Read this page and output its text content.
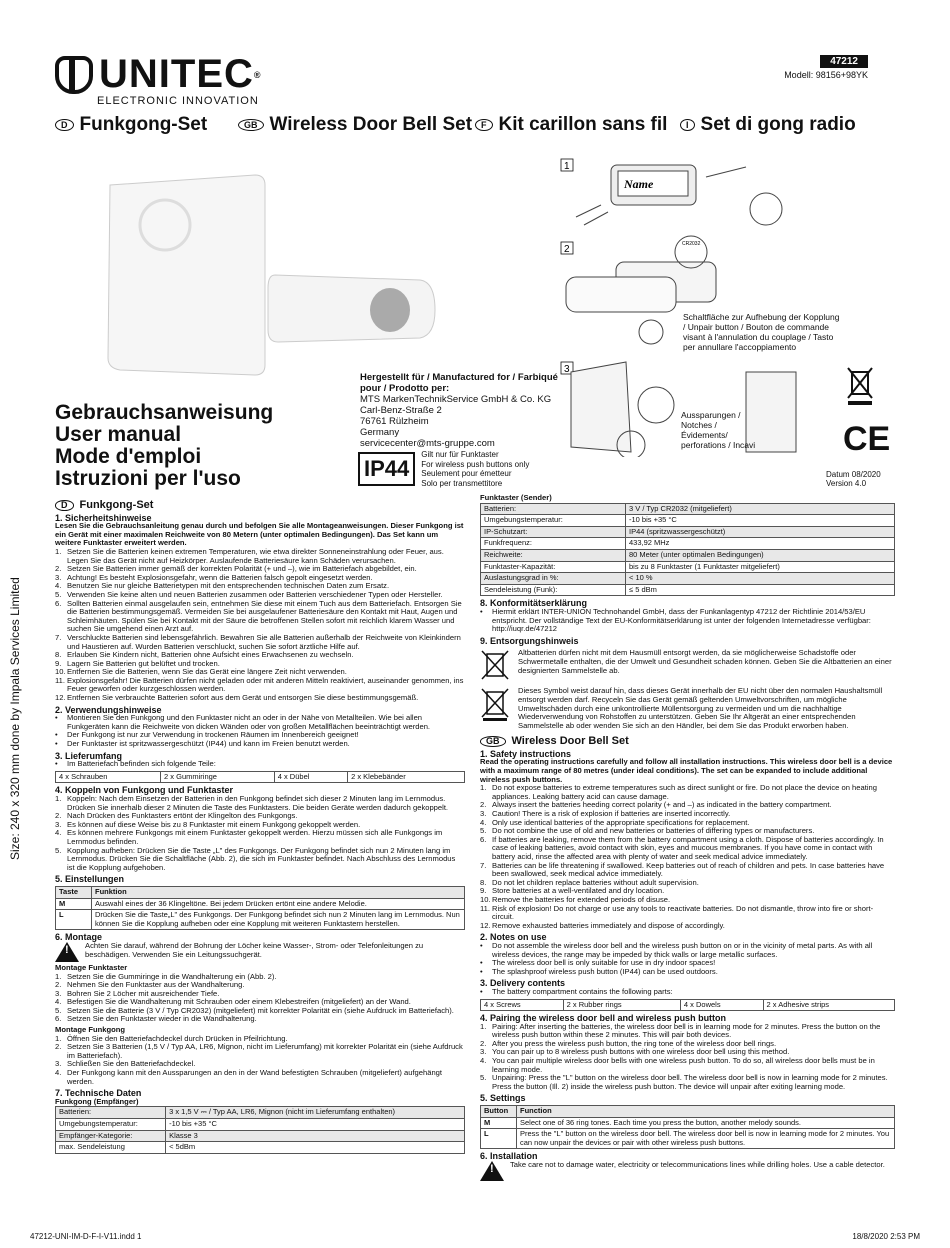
UNITEC ®
ELECTRONIC INNOVATION
47212
Modell: 98156+98YK
D Funkgong-Set	GB Wireless Door Bell Set F Kit carillon sans fil	I Set di gong radio
Hergestellt für / Manufactured for / Farbiqué pour / Prodotto per:
MTS MarkenTechnikService GmbH & Co. KG
Carl-Benz-Straße 2
76761 Rülzheim
Germany
servicecenter@mts-gruppe.com
IP44
Gilt nur für Funktaster
For wireless push buttons only
Seulement pour émetteur
Solo per transmettitore
Gebrauchsanweisung
User manual
Mode d'emploi
Istruzioni per l'uso
1
Name
2	CR2032
3
Schaltfläche zur Aufhebung der Kopplung / Unpair button / Bouton de commande visant à l'annulation du couplage / Tasto per annullare l'accoppiamento
Aussparungen / Notches / Évidements/ perforations / Incavi	CE
Datum 08/2020
Version 4.0
Size: 240 x 320 mm done by Impala Services Limited
D	Funkgong-Set
1. Sicherheitshinweise

Lesen Sie die Gebrauchsanleitung genau durch und befolgen Sie alle Montageanweisungen. Dieser Funkgong ist ein Gerät mit einer maximalen Reichweite von 80 Metern (unter optimalen Bedingungen). Das Set kann um weitere Funktaster erweitert werden.

1. Setzen Sie die Batterien keinen extremen Temperaturen, wie etwa direkter Sonneneinstrahlung oder Feuer, aus. Legen Sie das Gerät nicht auf Heizkörper. Auslaufende Batteriesäure kann Schäden verursachen.
2. Setzen Sie Batterien immer gemäß der korrekten Polarität (+ und –), wie im Batteriefach abgebildet, ein.
3. Achtung! Es besteht Explosionsgefahr, wenn die Batterien falsch gepolt eingesetzt werden.
4. Benutzen Sie nur gleiche Batterietypen mit den entsprechenden technischen Daten zum Ersatz.
5. Verwenden Sie keine alten und neuen Batterien zusammen oder Batterien verschiedener Typen oder Hersteller.
6. Sollten Batterien einmal ausgelaufen sein, entnehmen Sie diese mit einem Tuch aus dem Batteriefach. Entsorgen Sie die Batterien bestimmungsgemäß. Vermeiden Sie bei ausgelaufener Batteriesäure den Kontakt mit Haut, Augen und Schleimhäuten. Spülen Sie bei Kontakt mit der Säure die betroffenen Stellen sofort mit reichlich klarem Wasser und suchen Sie umgehend einen Arzt auf.
7. Verschluckte Batterien sind lebensgefährlich. Bewahren Sie alle Batterien außerhalb der Reichweite von Kleinkindern und Haustieren auf. Wurden Batterien verschluckt, suchen Sie sofort ärztliche Hilfe auf.
8. Erlauben Sie Kindern nicht, Batterien ohne Aufsicht eines Erwachsenen zu wechseln.
9. Lagern Sie Batterien gut belüftet und trocken.
10. Entfernen Sie die Batterien, wenn Sie das Gerät eine längere Zeit nicht verwenden.
11. Explosionsgefahr! Die Batterien dürfen nicht geladen oder mit anderen Mitteln reaktiviert, auseinander genommen, ins Feuer geworfen oder kurzgeschlossen werden.
12. Entfernen Sie verbrauchte Batterien sofort aus dem Gerät und entsorgen Sie diese bestimmungsgemäß.
2. Verwendungshinweise
• Montieren Sie den Funkgong und den Funktaster nicht an oder in der Nähe von Metallteilen. Wie bei allen Funkgeräten kann die Reichweite von dicken Wänden oder von großen Metallflächen beeinträchtigt werden.
• Der Funkgong ist nur zur Verwendung in trockenen Räumen im Innenbereich geeignet!
• Der Funktaster ist spritzwassergeschützt (IP44) und kann im Freien benutzt werden.
3. Lieferumfang
• Im Batteriefach befinden sich folgende Teile:
4 x Schrauben	2 x Gummiringe	4 x Dübel	2 x Klebebänder
4. Koppeln von Funkgong und Funktaster
1. Koppeln: Nach dem Einsetzen der Batterien in den Funkgong befindet sich dieser 2 Minuten lang im Lernmodus. Drücken Sie innerhalb dieser 2 Minuten die Taste des Funktasters. Die beiden Geräte werden dadurch gekoppelt.
2. Nach Drücken des Funktasters ertönt der Klingelton des Funkgongs.
3. Es können auf diese Weise bis zu 8 Funktaster mit einem Funkgong gekoppelt werden.
4. Es können mehrere Funkgongs mit einem Funktaster gekoppelt werden. Hierzu müssen sich alle Funkgongs im Lernmodus befinden.
5. Kopplung aufheben: Drücken Sie die Taste „L" des Funkgongs. Der Funkgong befindet sich nun 2 Minuten lang im Lernmodus. Drücken Sie die Schaltfläche (Abb. 2), die sich im Funktaster befindet. Nach Abschluss des Lernmodus ist die Kopplung aufgehoben.
5. Einstellungen
Taste	Funktion
M	Auswahl eines der 36 Klingeltöne. Bei jedem Drücken ertönt eine andere Melodie.
L	Drücken Sie die Taste„L" des Funkgongs. Der Funkgong befindet sich nun 2 Minuten lang im Lernmodus. Nun können Sie die Kopplung aufheben oder eine Kopplung mit weiteren Funktastern herstellen.
6. Montage
!
Achten Sie darauf, während der Bohrung der Löcher keine Wasser-, Strom- oder Telefonleitungen zu beschädigen. Verwenden Sie ein Leitungssuchgerät.

Montage Funktaster

1. Setzen Sie die Gummiringe in die Wandhalterung ein (Abb. 2).
2. Nehmen Sie den Funktaster aus der Wandhalterung.
3. Bohren Sie 2 Löcher mit ausreichender Tiefe.
4. Befestigen Sie die Wandhalterung mit Schrauben oder einem Klebestreifen (mitgeliefert) an der Wand.
5. Setzen Sie die Batterie (3 V / Typ CR2032) (mitgeliefert) mit korrekter Polarität ein (siehe Aufdruck im Batteriefach).
6. Setzen Sie den Funktaster wieder in die Wandhalterung.

Montage Funkgong

1. Öffnen Sie den Batteriefachdeckel durch Drücken in Pfeilrichtung.
2. Setzen Sie 3 Batterien (1,5 V / Typ AA, LR6, Mignon, nicht im Lieferumfang) mit korrekter Polarität ein (siehe Aufdruck im Batteriefach).
3. Schließen Sie den Batteriefachdeckel.
4. Der Funkgong kann mit den Aussparungen an den in der Wand befestigten Schrauben (mitgeliefert) aufgehängt werden.
7. Technische Daten

Funkgong (Empfänger)

Batterien:	3 x 1,5 V ⎓ / Typ AA, LR6, Mignon (nicht im Lieferumfang enthalten)
Umgebungstemperatur:	-10 bis +35 °C
Empfänger-Kategorie:	Klasse 3
max. Sendeleistung	< 5dBm

Funktaster (Sender)

Batterien:	3 V / Typ CR2032 (mitgeliefert)
Umgebungstemperatur:	-10 bis +35 °C
IP-Schutzart:	IP44 (spritzwassergeschützt)
Funkfrequenz:	433,92 MHz
Reichweite:	80 Meter (unter optimalen Bedingungen)
Funktaster-Kapazität:	bis zu 8 Funktaster (1 Funktaster mitgeliefert)
Auslastungsgrad in %:	< 10 %
Sendeleistung (Funk):	≤ 5 dBm
8. Konformitätserklärung
• Hiermit erklärt INTER-UNION Technohandel GmbH, dass der Funkanlagentyp 47212 der Richtlinie 2014/53/EU entspricht. Der vollständige Text der EU-Konformitätserklärung ist unter der folgenden Internetadresse verfügbar: http://iuqr.de/47212
9. Entsorgungshinweis
Altbatterien dürfen nicht mit dem Hausmüll entsorgt werden, da sie möglicherweise Schadstoffe oder Schwermetalle enthalten, die der Umwelt und Gesundheit schaden können. Geben Sie die Altbatterien an einer designierten Sammelstelle ab.
Dieses Symbol weist darauf hin, dass dieses Gerät innerhalb der EU nicht über den normalen Haushaltsmüll entsorgt werden darf. Recyceln Sie das Gerät gemäß geltenden Umweltvorschriften, um mögliche Umweltschäden durch eine unkontrollierte Müllentsorgung zu vermeiden und um die nachhaltige Wiederverwendung von Rohstoffen zu unterstützen. Geben Sie Ihr Altgerät an einer entsprechenden Sammelstelle ab oder wenden Sie sich an den Händler, bei dem Sie das Produkt erworben haben.
GB	Wireless Door Bell Set
1. Safety instructions

Read the operating instructions carefully and follow all installation instructions. This wireless door bell is a device with a maximum range of 80 metres (under ideal conditions). The set can be expanded to include additional wireless push buttons.

1. Do not expose batteries to extreme temperatures such as direct sunlight or fire. Do not place the device on heating appliances. Leaking battery acid can cause damage.
2. Always insert the batteries heeding correct polarity (+ and –) as indicated in the battery compartment.
3. Caution! There is a risk of explosion if batteries are inserted incorrectly.
4. Only use identical batteries of the appropriate specifications for replacement.
5. Do not combine the use of old and new batteries or batteries of differing types or manufacturers.
6. If batteries are leaking, remove them from the battery compartment using a cloth. Dispose of batteries accordingly. In case of leaking batteries, avoid contact with skin, eyes and mucous membranes. If you have come in contact with battery acid, rinse the affected area with plenty of water and seek medical advice immediately.
7. Batteries can be life threatening if swallowed. Keep batteries out of reach of children and pets. In case batteries have been swallowed, seek medical advice immediately.
8. Do not let children replace batteries without adult supervision.
9. Store batteries at a well-ventilated and dry location.
10. Remove the batteries for extended periods of disuse.
11. Risk of explosion! Do not charge or use any tools to reactivate batteries. Do not dismantle, throw into fire or short-circuit.
12. Remove exhausted batteries immediately and dispose of accordingly.
2. Notes on use
• Do not assemble the wireless door bell and the wireless push button on or in the vicinity of metal parts. As with all wireless devices, the range may be impeded by thick walls or large metallic surfaces.
• The wireless door bell is only suitable for use in dry indoor spaces!
• The splashproof wireless push button (IP44) can be used outdoors.
3. Delivery contents
• The battery compartment contains the following parts:
4 x Screws	2 x Rubber rings	4 x Dowels	2 x Adhesive strips
4. Pairing the wireless door bell and wireless push button
1. Pairing: After inserting the batteries, the wireless door bell is in learning mode for 2 minutes. Press the button on the wireless push button within these 2 minutes. This will pair both devices.
2. After you press the wireless push button, the ring tone of the wireless door bell rings.
3. You can pair up to 8 wireless push buttons with one wireless door bell using this method.
4. You can pair multiple wireless door bells with one wireless push button. To do so, all wireless door bells must be in learning mode.
5. Unpairing: Press the "L" button on the wireless door bell. The wireless door bell is now in learning mode for 2 minutes. Press the button (Ill. 2) inside the wireless push button. The device will unpair after exiting learning mode.
5. Settings
Button	Function
M	Select one of 36 ring tones. Each time you press the button, another melody sounds.
L	Press the "L" button on the wireless door bell. The wireless door bell is now in learning mode for 2 minutes. You can now unpair the devices or pair with other wireless push buttons.
6. Installation
!
Take care not to damage water, electricity or telecommunications lines while drilling holes. Use a cable detector.
47212-UNI-IM-D-F-I-V11.indd 1	18/8/2020 2:53 PM
